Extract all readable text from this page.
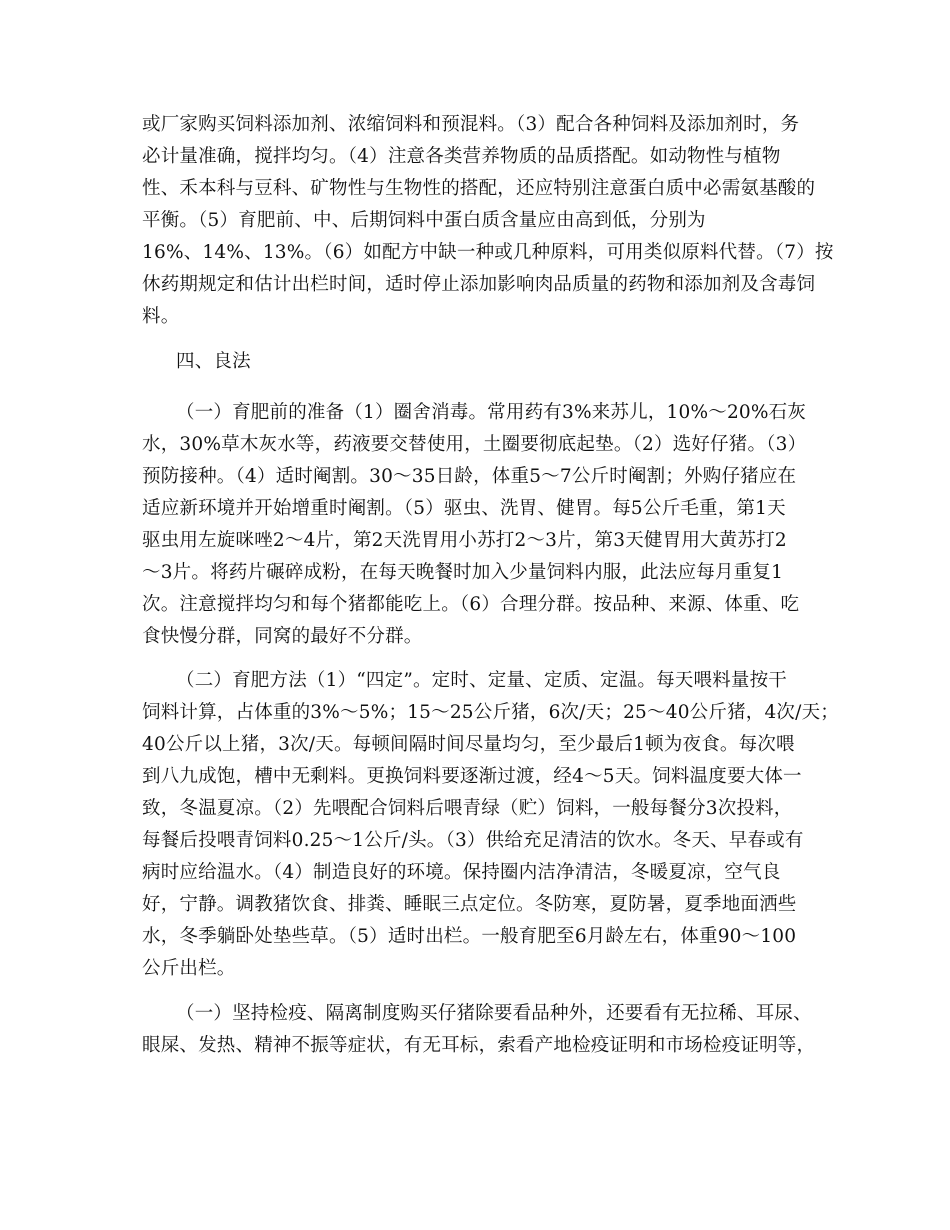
或厂家购买饲料添加剂、浓缩饲料和预混料。（3）配合各种饲料及添加剂时，务
必计量准确，搅拌均匀。（4）注意各类营养物质的品质搭配。如动物性与植物
性、禾本科与豆科、矿物性与生物性的搭配，还应特别注意蛋白质中必需氨基酸的
平衡。（5）育肥前、中、后期饲料中蛋白质含量应由高到低，分别为
16%、14%、13%。（6）如配方中缺一种或几种原料，可用类似原料代替。（7）按
休药期规定和估计出栏时间，适时停止添加影响肉品质量的药物和添加剂及含毒饲
料。
四、良法
（一）育肥前的准备（1）圈舍消毒。常用药有3%来苏儿，10%～20%石灰
水，30%草木灰水等，药液要交替使用，土圈要彻底起垫。（2）选好仔猪。（3）
预防接种。（4）适时阉割。30～35日龄，体重5～7公斤时阉割；外购仔猪应在
适应新环境并开始增重时阉割。（5）驱虫、洗胃、健胃。每5公斤毛重，第1天
驱虫用左旋咪唑2～4片，第2天洗胃用小苏打2～3片，第3天健胃用大黄苏打2
～3片。将药片碾碎成粉，在每天晚餐时加入少量饲料内服，此法应每月重复1
次。注意搅拌均匀和每个猪都能吃上。（6）合理分群。按品种、来源、体重、吃
食快慢分群，同窝的最好不分群。
（二）育肥方法（1）“四定”。定时、定量、定质、定温。每天喂料量按干
饲料计算，占体重的3%～5%；15～25公斤猪，6次/天；25～40公斤猪，4次/天；
40公斤以上猪，3次/天。每顿间隔时间尽量均匀，至少最后1顿为夜食。每次喂
到八九成饱，槽中无剩料。更换饲料要逐渐过渡，经4～5天。饲料温度要大体一
致，冬温夏凉。（2）先喂配合饲料后喂青绿（贮）饲料，一般每餐分3次投料，
每餐后投喂青饲料0.25～1公斤/头。（3）供给充足清洁的饮水。冬天、早春或有
病时应给温水。（4）制造良好的环境。保持圈内洁净清洁，冬暖夏凉，空气良
好，宁静。调教猪饮食、排粪、睡眠三点定位。冬防寒，夏防暑，夏季地面洒些
水，冬季躺卧处垫些草。（5）适时出栏。一般育肥至6月龄左右，体重90～100
公斤出栏。
（一）坚持检疫、隔离制度购买仔猪除要看品种外，还要看有无拉稀、耳尿、
眼屎、发热、精神不振等症状，有无耳标，索看产地检疫证明和市场检疫证明等，
